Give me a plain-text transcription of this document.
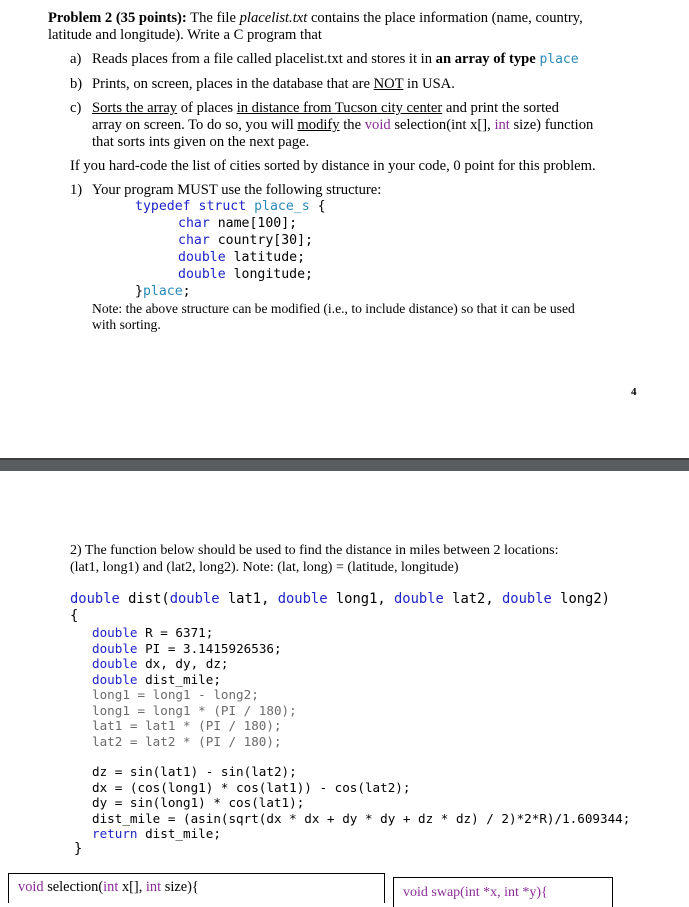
Problem 2 (35 points): The file placelist.txt contains the place information (name, country,
latitude and longitude). Write a C program that
a) Reads places from a file called placelist.txt and stores it in an array of type place
b) Prints, on screen, places in the database that are NOT in USA.
c) Sorts the array of places in distance from Tucson city center and print the sorted
array on screen. To do so, you will modify the void selection(int x[], int size) function
that sorts ints given on the next page.
If you hard-code the list of cities sorted by distance in your code, 0 point for this problem.
1) Your program MUST use the following structure:
typedef struct place_s {
char name[100];
char country[30];
double latitude;
double longitude;
}place;
Note: the above structure can be modified (i.e., to include distance) so that it can be used
with sorting.
4
2) The function below should be used to find the distance in miles between 2 locations:
(lat1, long1) and (lat2, long2). Note: (lat, long) = (latitude, longitude)
double dist(double lat1, double long1, double lat2, double long2)
{
double R = 6371;
double PI = 3.1415926536;
double dx, dy, dz;
double dist_mile;
long1 = long1 - long2;
long1 = long1 * (PI / 180);
lat1 = lat1 * (PI / 180);
lat2 = lat2 * (PI / 180);
dz = sin(lat1) - sin(lat2);
dx = (cos(long1) * cos(lat1)) - cos(lat2);
dy = sin(long1) * cos(lat1);
dist_mile = (asin(sqrt(dx * dx + dy * dy + dz * dz) / 2)*2*R)/1.609344;
return dist_mile;
}
void selection(int x[], int size){	void swap(int *x, int *y){
